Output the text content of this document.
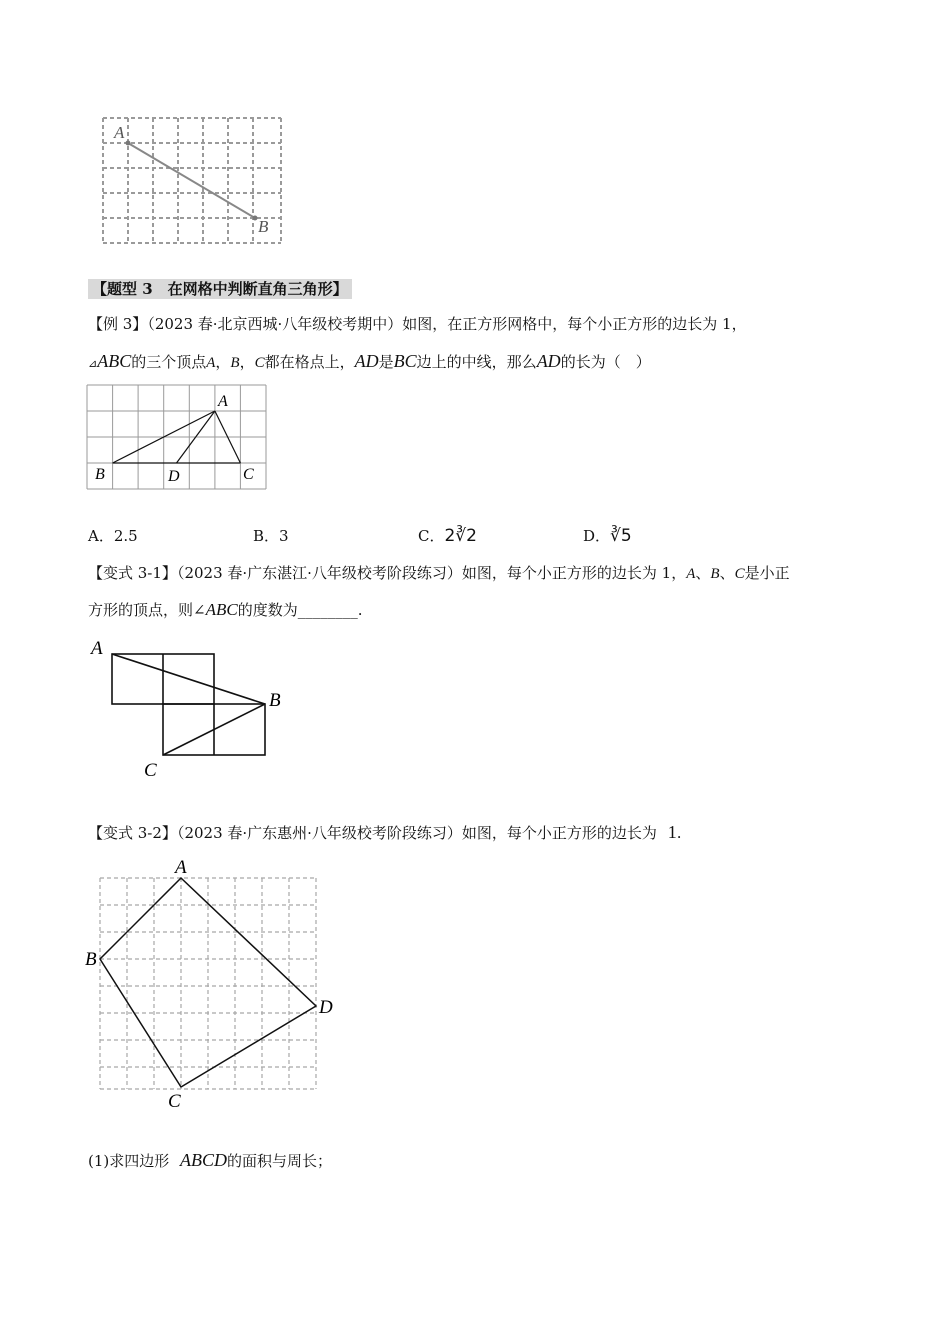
A
B
【题型 3　在网格中判断直角三角形】
【例 3】（2023 春·北京西城·八年级校考期中）如图，在正方形网格中，每个小正方形的边长为 1，
⊿ABC的三个顶点A，B，C都在格点上，AD是BC边上的中线，那么AD的长为（　）
A
B	D	C
A．2.5	B．3	C．2∛2	D．∛5
【变式 3-1】（2023 春·广东湛江·八年级校考阶段练习）如图，每个小正方形的边长为 1，A、B、C是小正
方形的顶点，则∠ABC的度数为________.
A
B
C
【变式 3-2】（2023 春·广东惠州·八年级校考阶段练习）如图，每个小正方形的边长为 1.
A
B
C
D
(1)求四边形 ABCD的面积与周长；
